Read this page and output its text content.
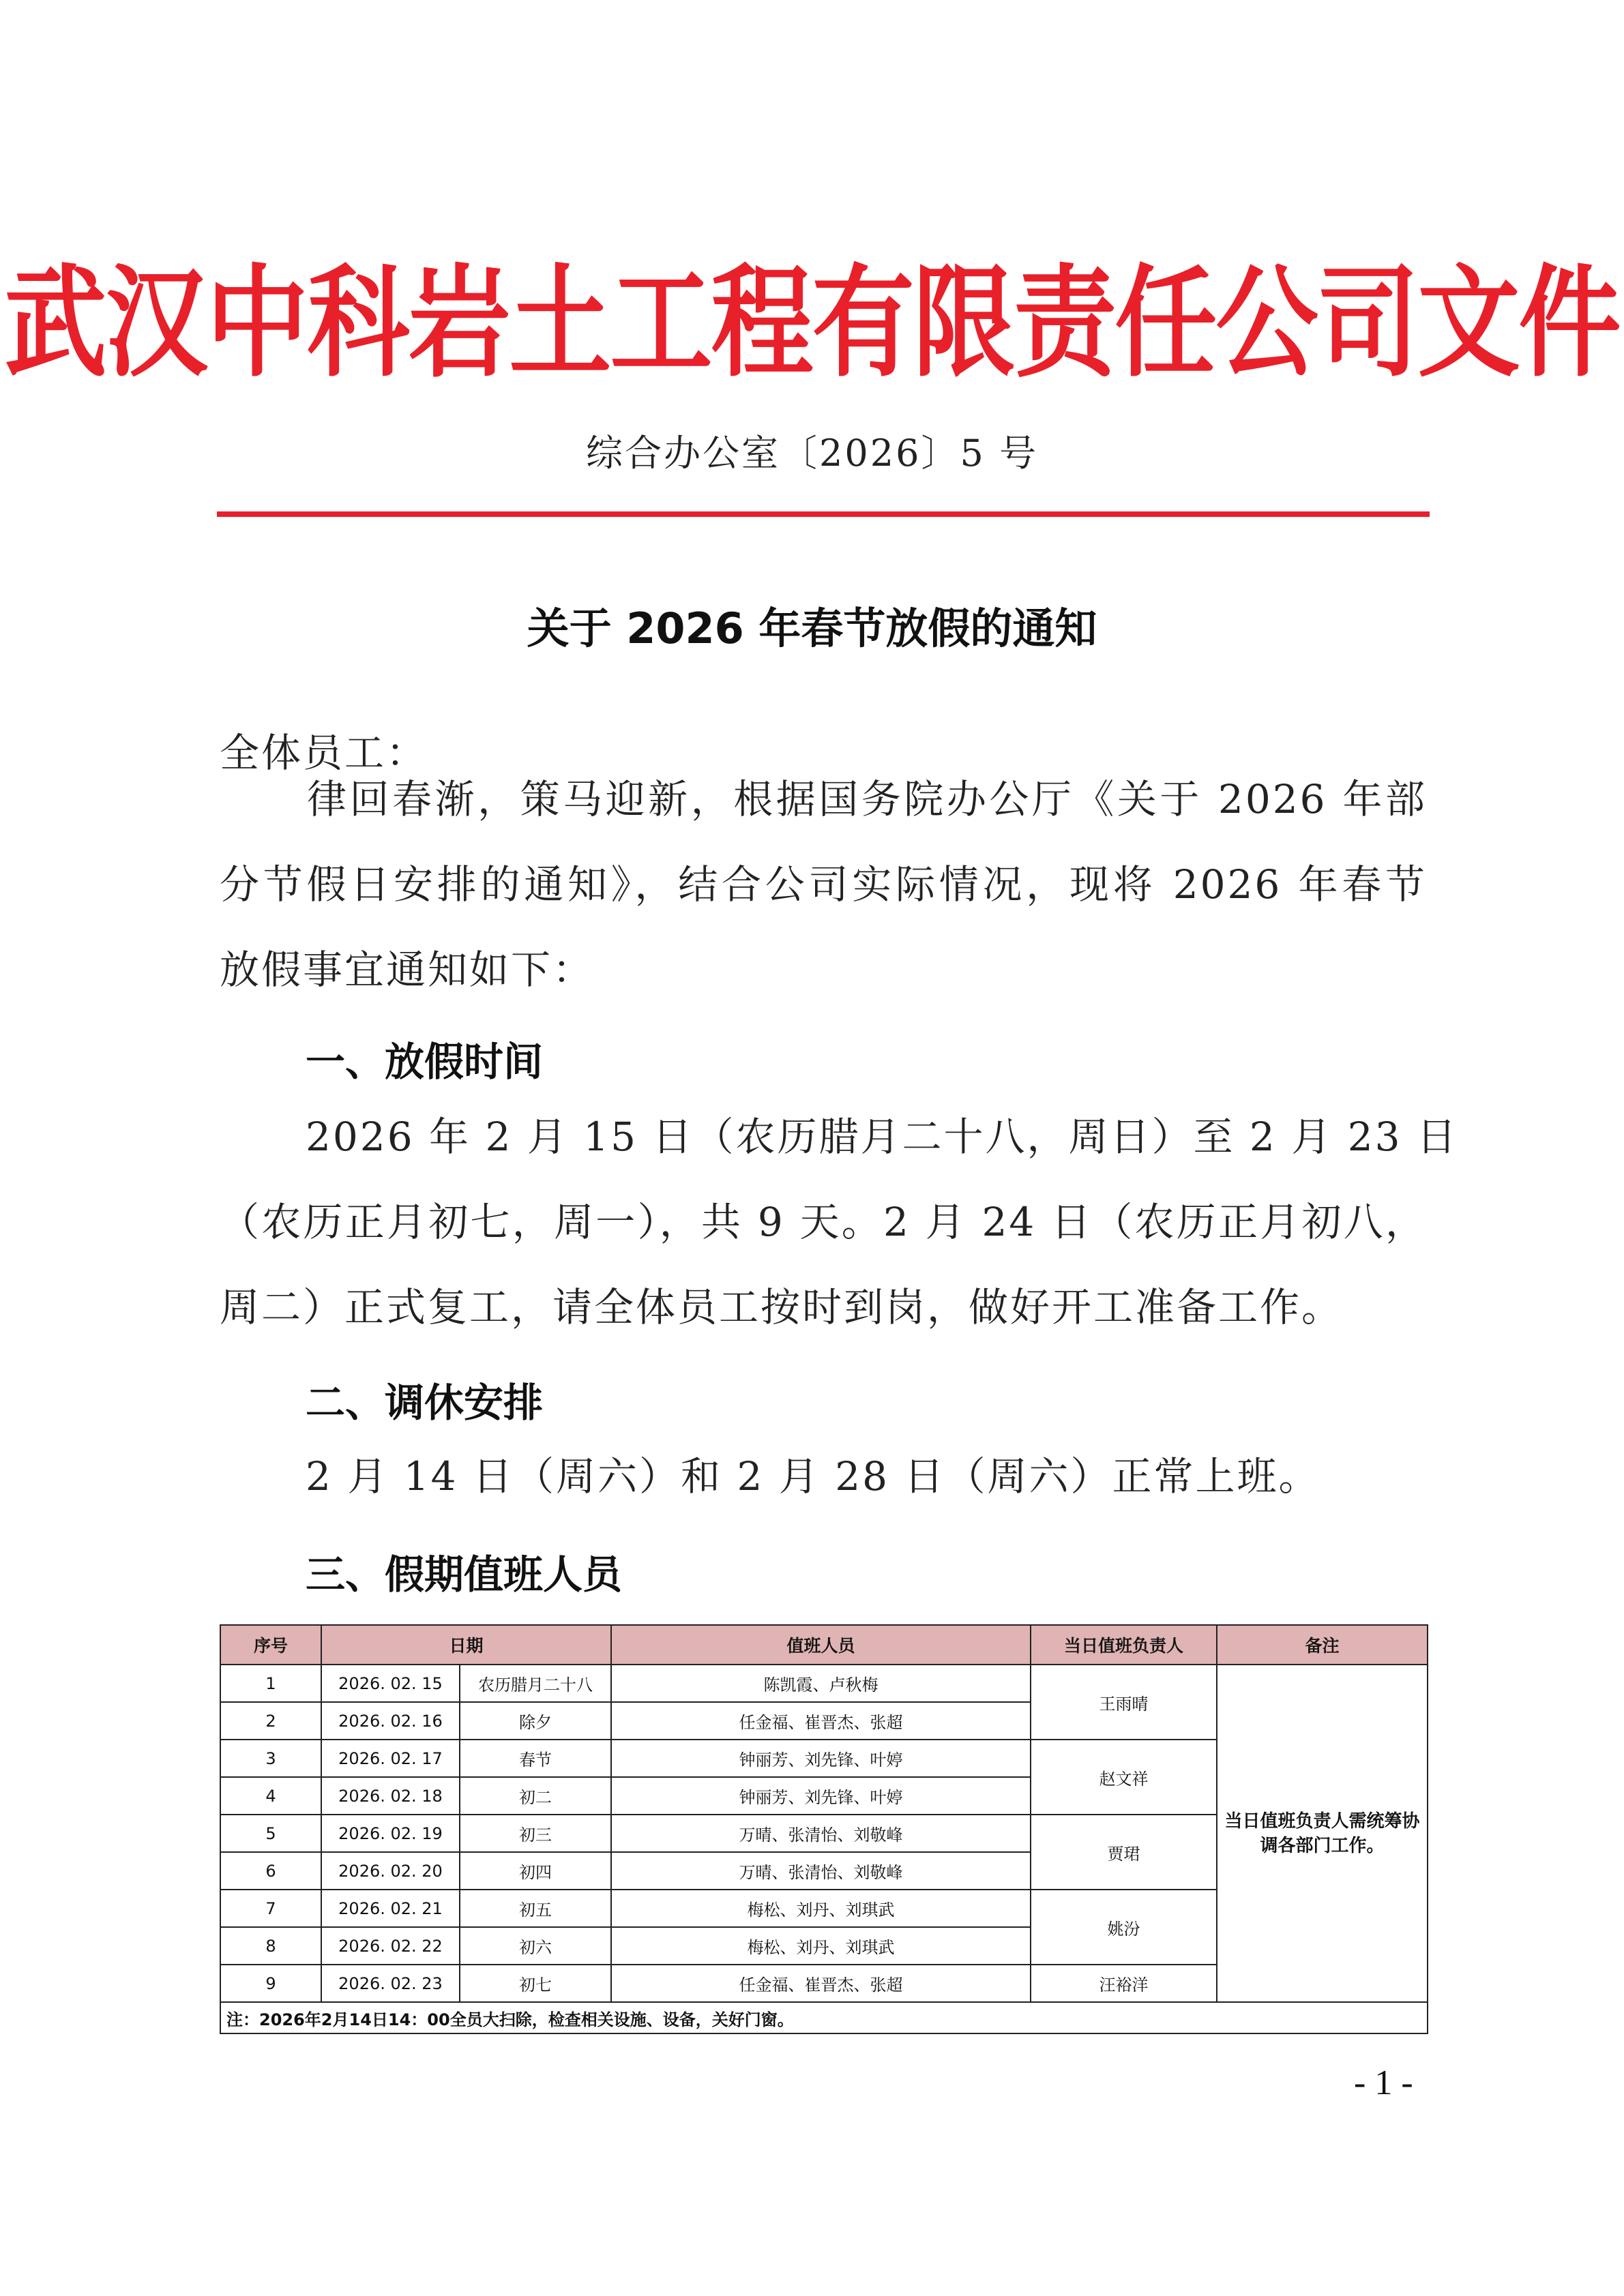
武汉中科岩土工程有限责任公司文件
综合办公室〔2026〕5 号
关于 2026 年春节放假的通知
全体员工：
律回春渐，策马迎新，根据国务院办公厅《关于 2026 年部
分节假日安排的通知》，结合公司实际情况，现将 2026 年春节
放假事宜通知如下：
一、放假时间
2026 年 2 月 15 日（农历腊月二十八，周日）至 2 月 23 日
（农历正月初七，周一），共 9 天。2 月 24 日（农历正月初八，
周二）正式复工，请全体员工按时到岗，做好开工准备工作。
二、调休安排
2 月 14 日（周六）和 2 月 28 日（周六）正常上班。
三、假期值班人员
序号	日期		值班人员	当日值班负责人	备注
1	2026. 02. 15	农历腊月二十八	陈凯霞、卢秋梅	王雨晴	当日值班负责人需统筹协调各部门工作。
2	2026. 02. 16	除夕	任金福、崔晋杰、张超		
3	2026. 02. 17	春节	钟丽芳、刘先锋、叶婷	赵文祥	
4	2026. 02. 18	初二	钟丽芳、刘先锋、叶婷		
5	2026. 02. 19	初三	万晴、张清怡、刘敬峰	贾珺	
6	2026. 02. 20	初四	万晴、张清怡、刘敬峰		
7	2026. 02. 21	初五	梅松、刘丹、刘琪武	姚汾	
8	2026. 02. 22	初六	梅松、刘丹、刘琪武		
9	2026. 02. 23	初七	任金福、崔晋杰、张超	汪裕洋	
注：2026年2月14日14：00全员大扫除，检查相关设施、设备，关好门窗。					
- 1 -
